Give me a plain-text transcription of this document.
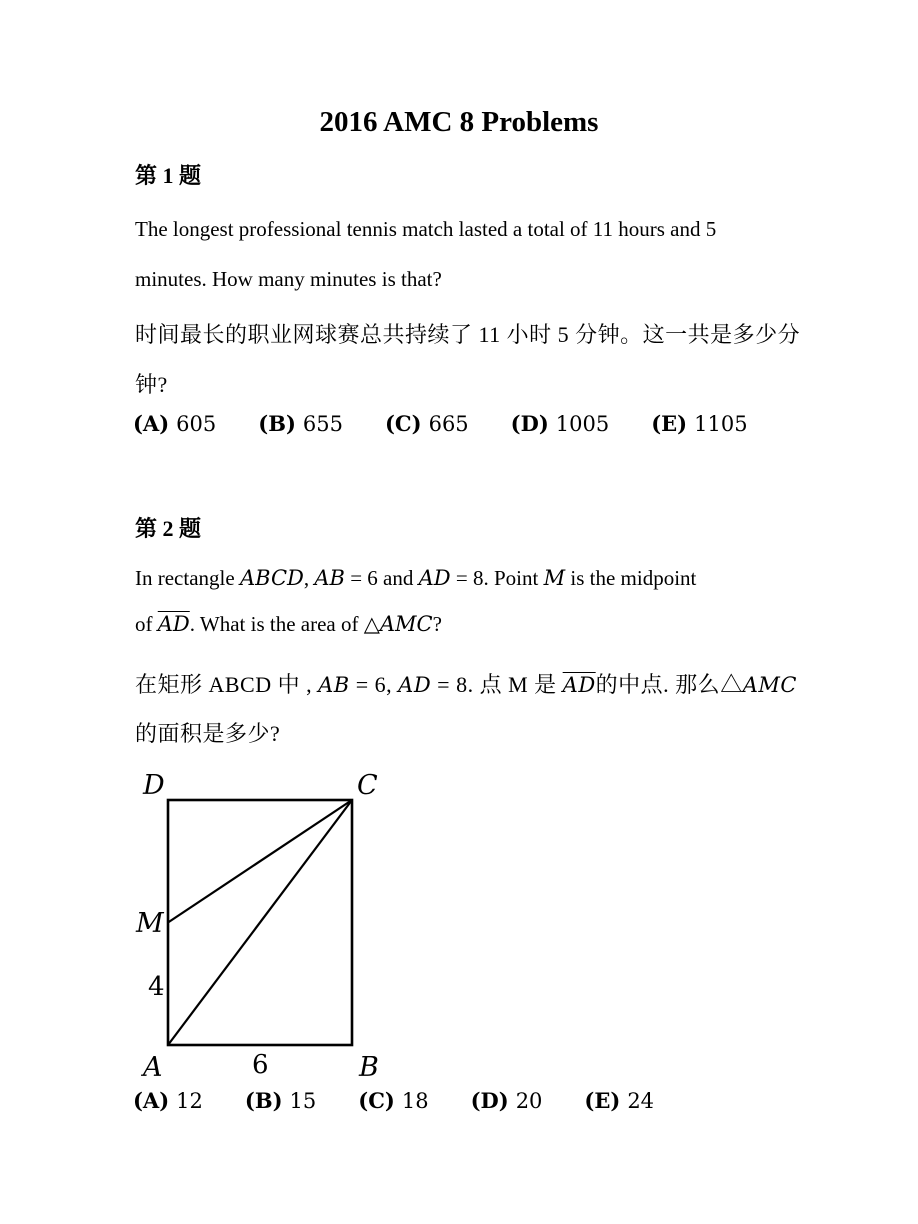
2016 AMC 8 Problems
第 1 题
The longest professional tennis match lasted a total of 11 hours and 5
minutes. How many minutes is that?
时间最长的职业网球赛总共持续了 11 小时 5 分钟。这一共是多少分
钟?
(A) 605 (B) 655 (C) 665 (D) 1005 (E) 1105
第 2 题
In rectangle ABCD, AB = 6 and AD = 8. Point M is the midpoint
of $\overline{AD}$. What is the area of △AMC?
在矩形 ABCD 中 , AB = 6, AD = 8. 点 M 是 $\overline{AD}$的中点. 那么△AMC
的面积是多少?
D	C
M
4
A	6	B
(A) 12 (B) 15 (C) 18 (D) 20 (E) 24
